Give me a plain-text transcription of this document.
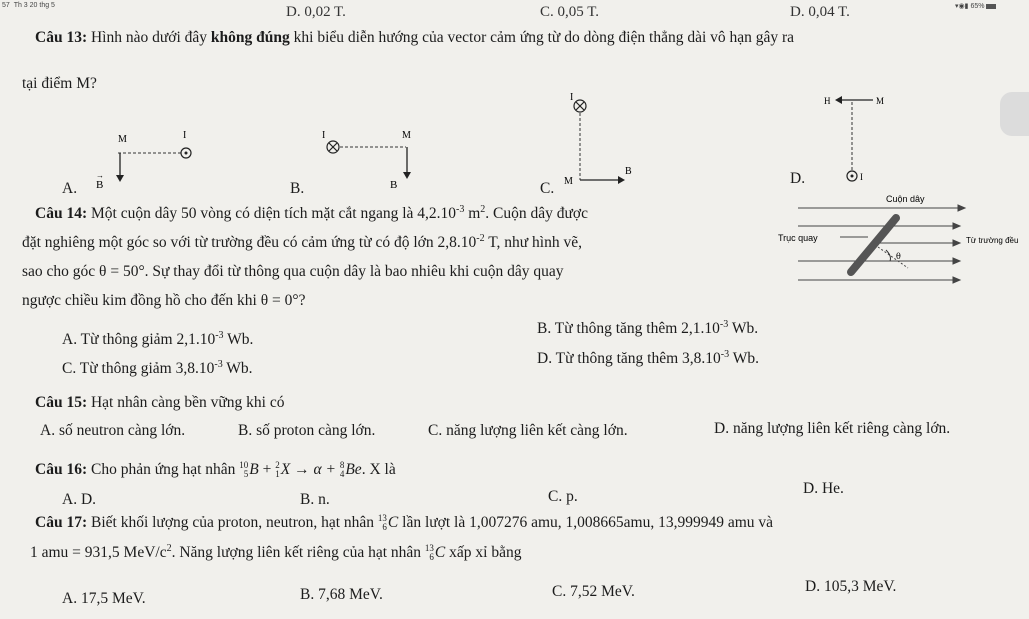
57 Th 3 20 thg 5	▾◉▮ 65%
D. 0,02 T.	C. 0,05 T.	D. 0,04 T.
Câu 13: Hình nào dưới đây không đúng khi biểu diễn hướng của vector cảm ứng từ do dòng điện thẳng dài vô hạn gây ra
tại điểm M?
M	I
B
→
A.
I	M
B
B.
I
M
B
C.
H	M
I
D.
Câu 14: Một cuộn dây 50 vòng có diện tích mặt cắt ngang là $4,2.10^{-3}$ $m^2$. Cuộn dây được
đặt nghiêng một góc so với từ trường đều có cảm ứng từ có độ lớn $2,8.10^{-2}$ T, như hình vẽ,
sao cho góc θ = 50°. Sự thay đổi từ thông qua cuộn dây là bao nhiêu khi cuộn dây quay
ngược chiều kim đồng hồ cho đến khi θ = 0°?
Cuộn dây
Trục quay	Từ trường đều
θ
A. Từ thông giảm $2,1.10^{-3}$ Wb.
B. Từ thông tăng thêm $2,1.10^{-3}$ Wb.
C. Từ thông giảm $3,8.10^{-3}$ Wb.
D. Từ thông tăng thêm $3,8.10^{-3}$ Wb.
Câu 15: Hạt nhân càng bền vững khi có
A. số neutron càng lớn.	B. số proton càng lớn.	C. năng lượng liên kết càng lớn.	D. năng lượng liên kết riêng càng lớn.
Câu 16: Cho phản ứng hạt nhân 10
5 B + 2
1 X → α + 8
4 Be. X là
A. D.	B. n.	C. p.	D. He.
Câu 17: Biết khối lượng của proton, neutron, hạt nhân 13
6 C lần lượt là 1,007276 amu, 1,008665amu, 13,999949 amu và
1 amu = 931,5 MeV/$c^2$. Năng lượng liên kết riêng của hạt nhân 13
6 C xấp xỉ bằng
A. 17,5 MeV.	B. 7,68 MeV.	C. 7,52 MeV.	D. 105,3 MeV.
